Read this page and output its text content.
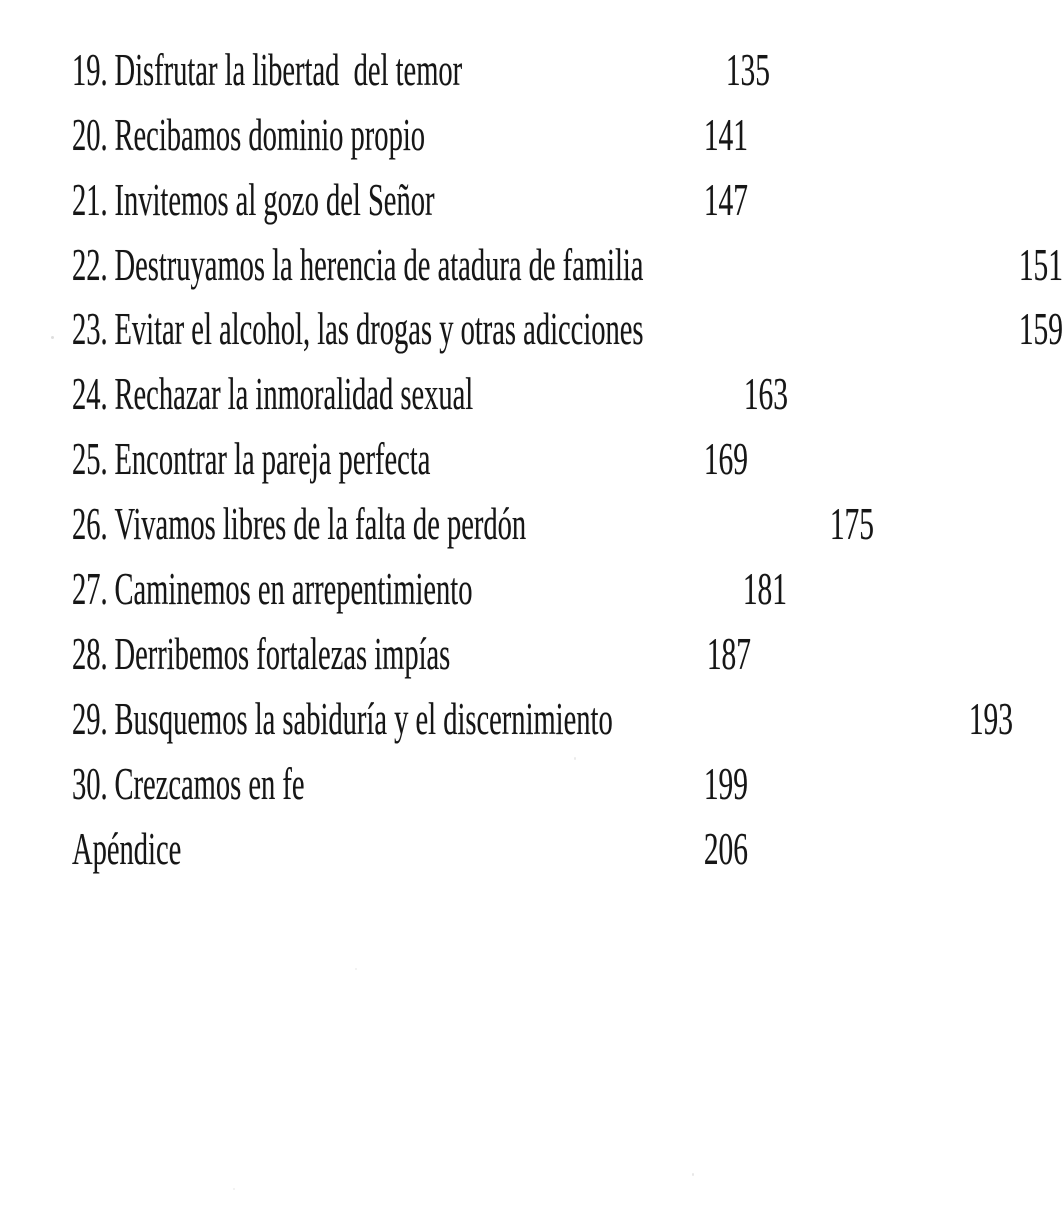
19. Disfrutar la libertad  del temor	135
20. Recibamos dominio propio	141
21. Invitemos al gozo del Señor	147
22. Destruyamos la herencia de atadura de familia	151
23. Evitar el alcohol, las drogas y otras adicciones	159
24. Rechazar la inmoralidad sexual	163
25. Encontrar la pareja perfecta	169
26. Vivamos libres de la falta de perdón	175
27. Caminemos en arrepentimiento	181
28. Derribemos fortalezas impías	187
29. Busquemos la sabiduría y el discernimiento	193
30. Crezcamos en fe	199
Apéndice	206
